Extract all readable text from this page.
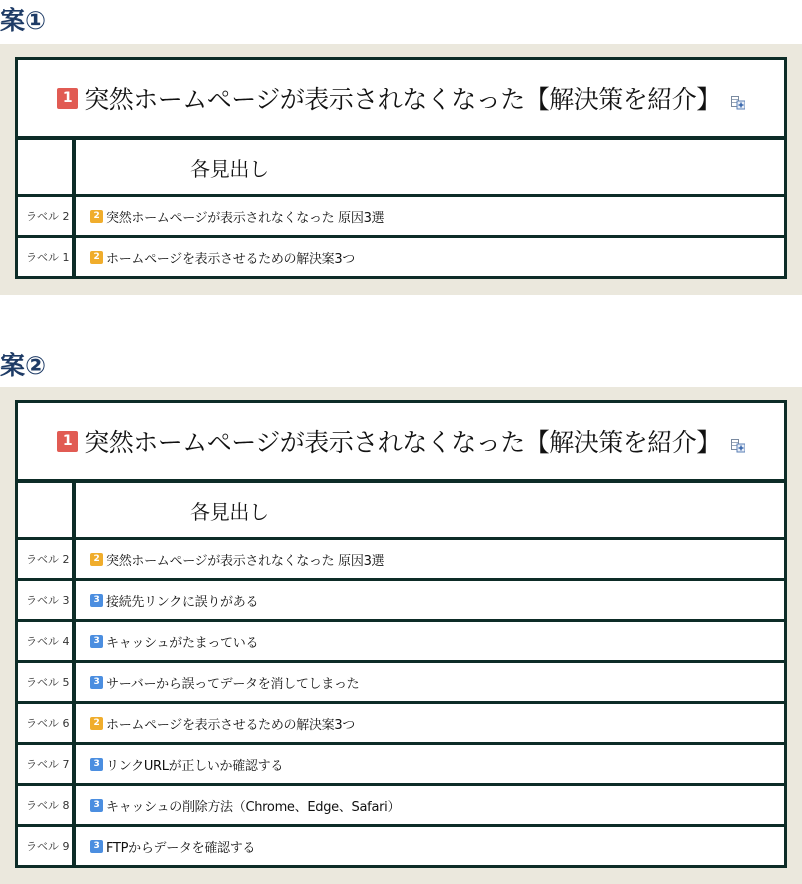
案①
1 突然ホームページが表示されなくなった【解決策を紹介】
各見出し
ラベル 2	2 突然ホームページが表示されなくなった 原因3選
ラベル 1	2 ホームページを表示させるための解決案3つ
案②
1 突然ホームページが表示されなくなった【解決策を紹介】
各見出し
ラベル 2	2 突然ホームページが表示されなくなった 原因3選
ラベル 3	3 接続先リンクに誤りがある
ラベル 4	3 キャッシュがたまっている
ラベル 5	3 サーバーから誤ってデータを消してしまった
ラベル 6	2 ホームページを表示させるための解決案3つ
ラベル 7	3 リンクURLが正しいか確認する
ラベル 8	3 キャッシュの削除方法（Chrome、Edge、Safari）
ラベル 9	3 FTPからデータを確認する
